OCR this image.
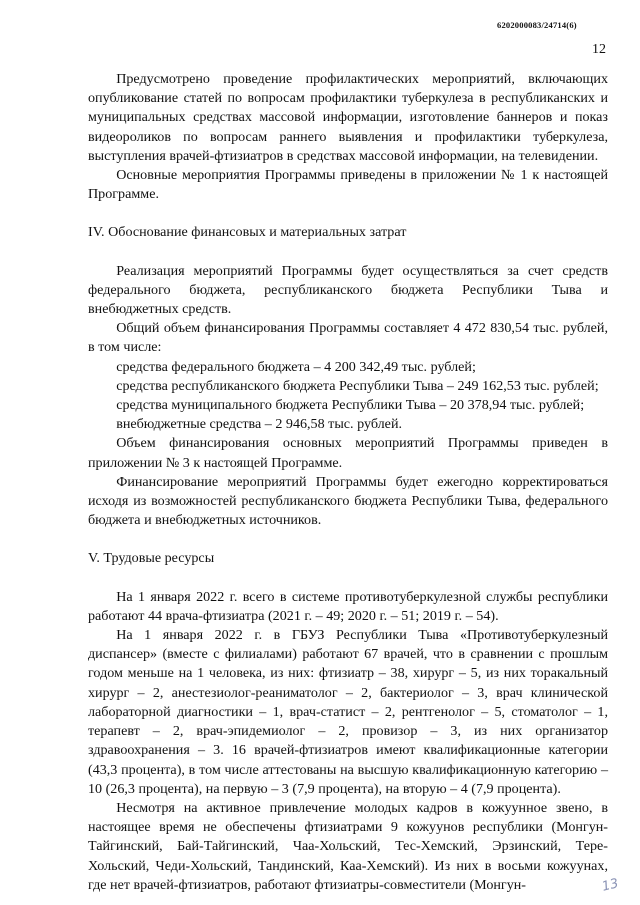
6202000083/24714(6)
12

Предусмотрено проведение профилактических мероприятий, включающих опубликование статей по вопросам профилактики туберкулеза в республиканских и муниципальных средствах массовой информации, изготовление баннеров и показ видеороликов по вопросам раннего выявления и профилактики туберкулеза, выступления врачей-фтизиатров в средствах массовой информации, на телевидении.

Основные мероприятия Программы приведены в приложении № 1 к настоящей Программе.

IV. Обоснование финансовых и материальных затрат

Реализация мероприятий Программы будет осуществляться за счет средств федерального бюджета, республиканского бюджета Республики Тыва и внебюджетных средств.

Общий объем финансирования Программы составляет 4 472 830,54 тыс. рублей, в том числе:

средства федерального бюджета – 4 200 342,49 тыс. рублей;

средства республиканского бюджета Республики Тыва – 249 162,53 тыс. рублей;

средства муниципального бюджета Республики Тыва – 20 378,94 тыс. рублей;

внебюджетные средства – 2 946,58 тыс. рублей.

Объем финансирования основных мероприятий Программы приведен в приложении № 3 к настоящей Программе.

Финансирование мероприятий Программы будет ежегодно корректироваться исходя из возможностей республиканского бюджета Республики Тыва, федерального бюджета и внебюджетных источников.

V. Трудовые ресурсы

На 1 января 2022 г. всего в системе противотуберкулезной службы республики работают 44 врача-фтизиатра (2021 г. – 49; 2020 г. – 51; 2019 г. – 54).

На 1 января 2022 г. в ГБУЗ Республики Тыва «Противотуберкулезный диспансер» (вместе с филиалами) работают 67 врачей, что в сравнении с прошлым годом меньше на 1 человека, из них: фтизиатр – 38, хирург – 5, из них торакальный хирург – 2, анестезиолог-реаниматолог – 2, бактериолог – 3, врач клинической лабораторной диагностики – 1, врач-статист – 2, рентгенолог – 5, стоматолог – 1, терапевт – 2, врач-эпидемиолог – 2, провизор – 3, из них организатор здравоохранения – 3. 16 врачей-фтизиатров имеют квалификационные категории (43,3 процента), в том числе аттестованы на высшую квалификационную категорию – 10 (26,3 процента), на первую – 3 (7,9 процента), на вторую – 4 (7,9 процента).

Несмотря на активное привлечение молодых кадров в кожуунное звено, в настоящее время не обеспечены фтизиатрами 9 кожуунов республики (Монгун-Тайгинский, Бай-Тайгинский, Чаа-Хольский, Тес-Хемский, Эрзинский, Тере-Хольский, Чеди-Хольский, Тандинский, Каа-Хемский). Из них в восьми кожуунах, где нет врачей-фтизиатров, работают фтизиатры-совместители (Монгун-	13
